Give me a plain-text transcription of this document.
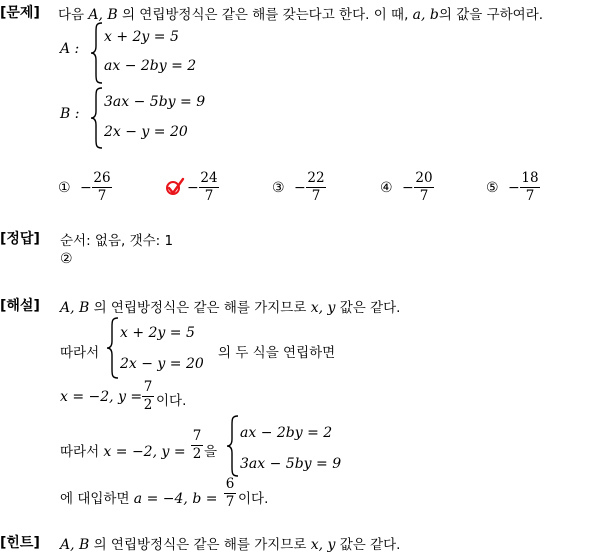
[문제] 다음 A, B 의 연립방정식은 같은 해를 갖는다고 한다. 이 때, a, b의 값을 구하여라.
A :
x + 2y = 5
ax − 2by = 2
B :
3ax − 5by = 9
2x − y = 20
① − $\frac{26}{7}$	− $\frac{24}{7}$	③ − $\frac{22}{7}$	④ − $\frac{20}{7}$	⑤ − $\frac{18}{7}$
[정답] 순서: 없음, 갯수: 1
②
[해설] A, B 의 연립방정식은 같은 해를 가지므로 x, y 값은 같다.
따라서
x + 2y = 5
2x − y = 20
의 두 식을 연립하면
x = −2, $y = \frac{7}{2}$ 이다.
따라서 x = −2, $y = \frac{7}{2}$ 을
ax − 2by = 2
3ax − 5by = 9
에 대입하면 a = −4, $b = \frac{6}{7}$ 이다.
[힌트] A, B 의 연립방정식은 같은 해를 가지므로 x, y 값은 같다.
